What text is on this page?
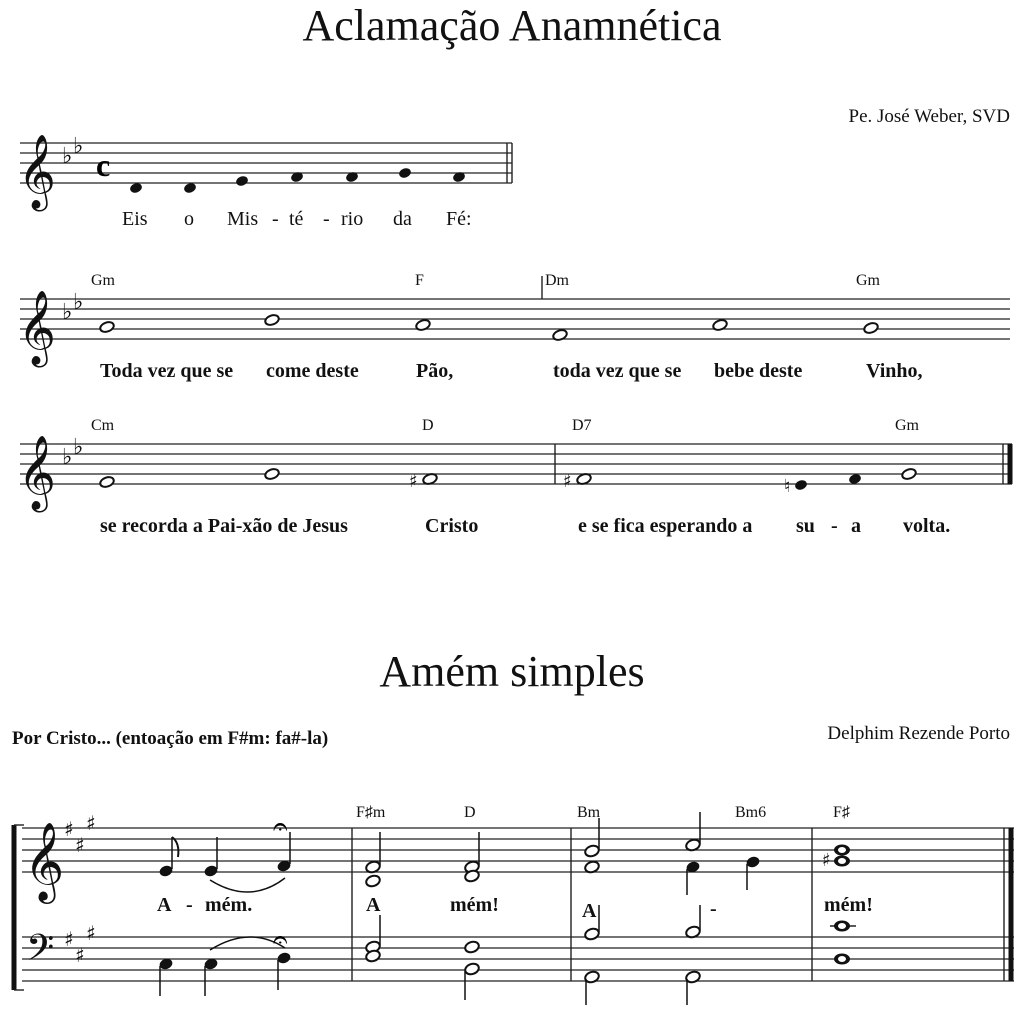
Aclamação Anamnética
Pe. José Weber, SVD
𝄞 ♭ ♭
c
𝄞 ♭ ♭
𝄞 ♭ ♭
♯	♯	♮
𝄞
𝄢
♯
♯
♯
♯
♯
♯
𝄐
𝄐
♯
Eis o Mis - té - rio da Fé:
Gm	F	Dm	Gm
Toda vez que se come deste	Pão,	toda vez que se bebe deste	Vinho,
Cm	D	D7	Gm
se recorda a Pai-xão de Jesus	Cristo	e se fica esperando a su - a volta.
Amém simples
Por Cristo... (entoação em F#m: fa#-la)	Delphim Rezende Porto
F♯m	D	Bm	Bm6	F♯
A - mém.	A	mém!	A	-	mém!
